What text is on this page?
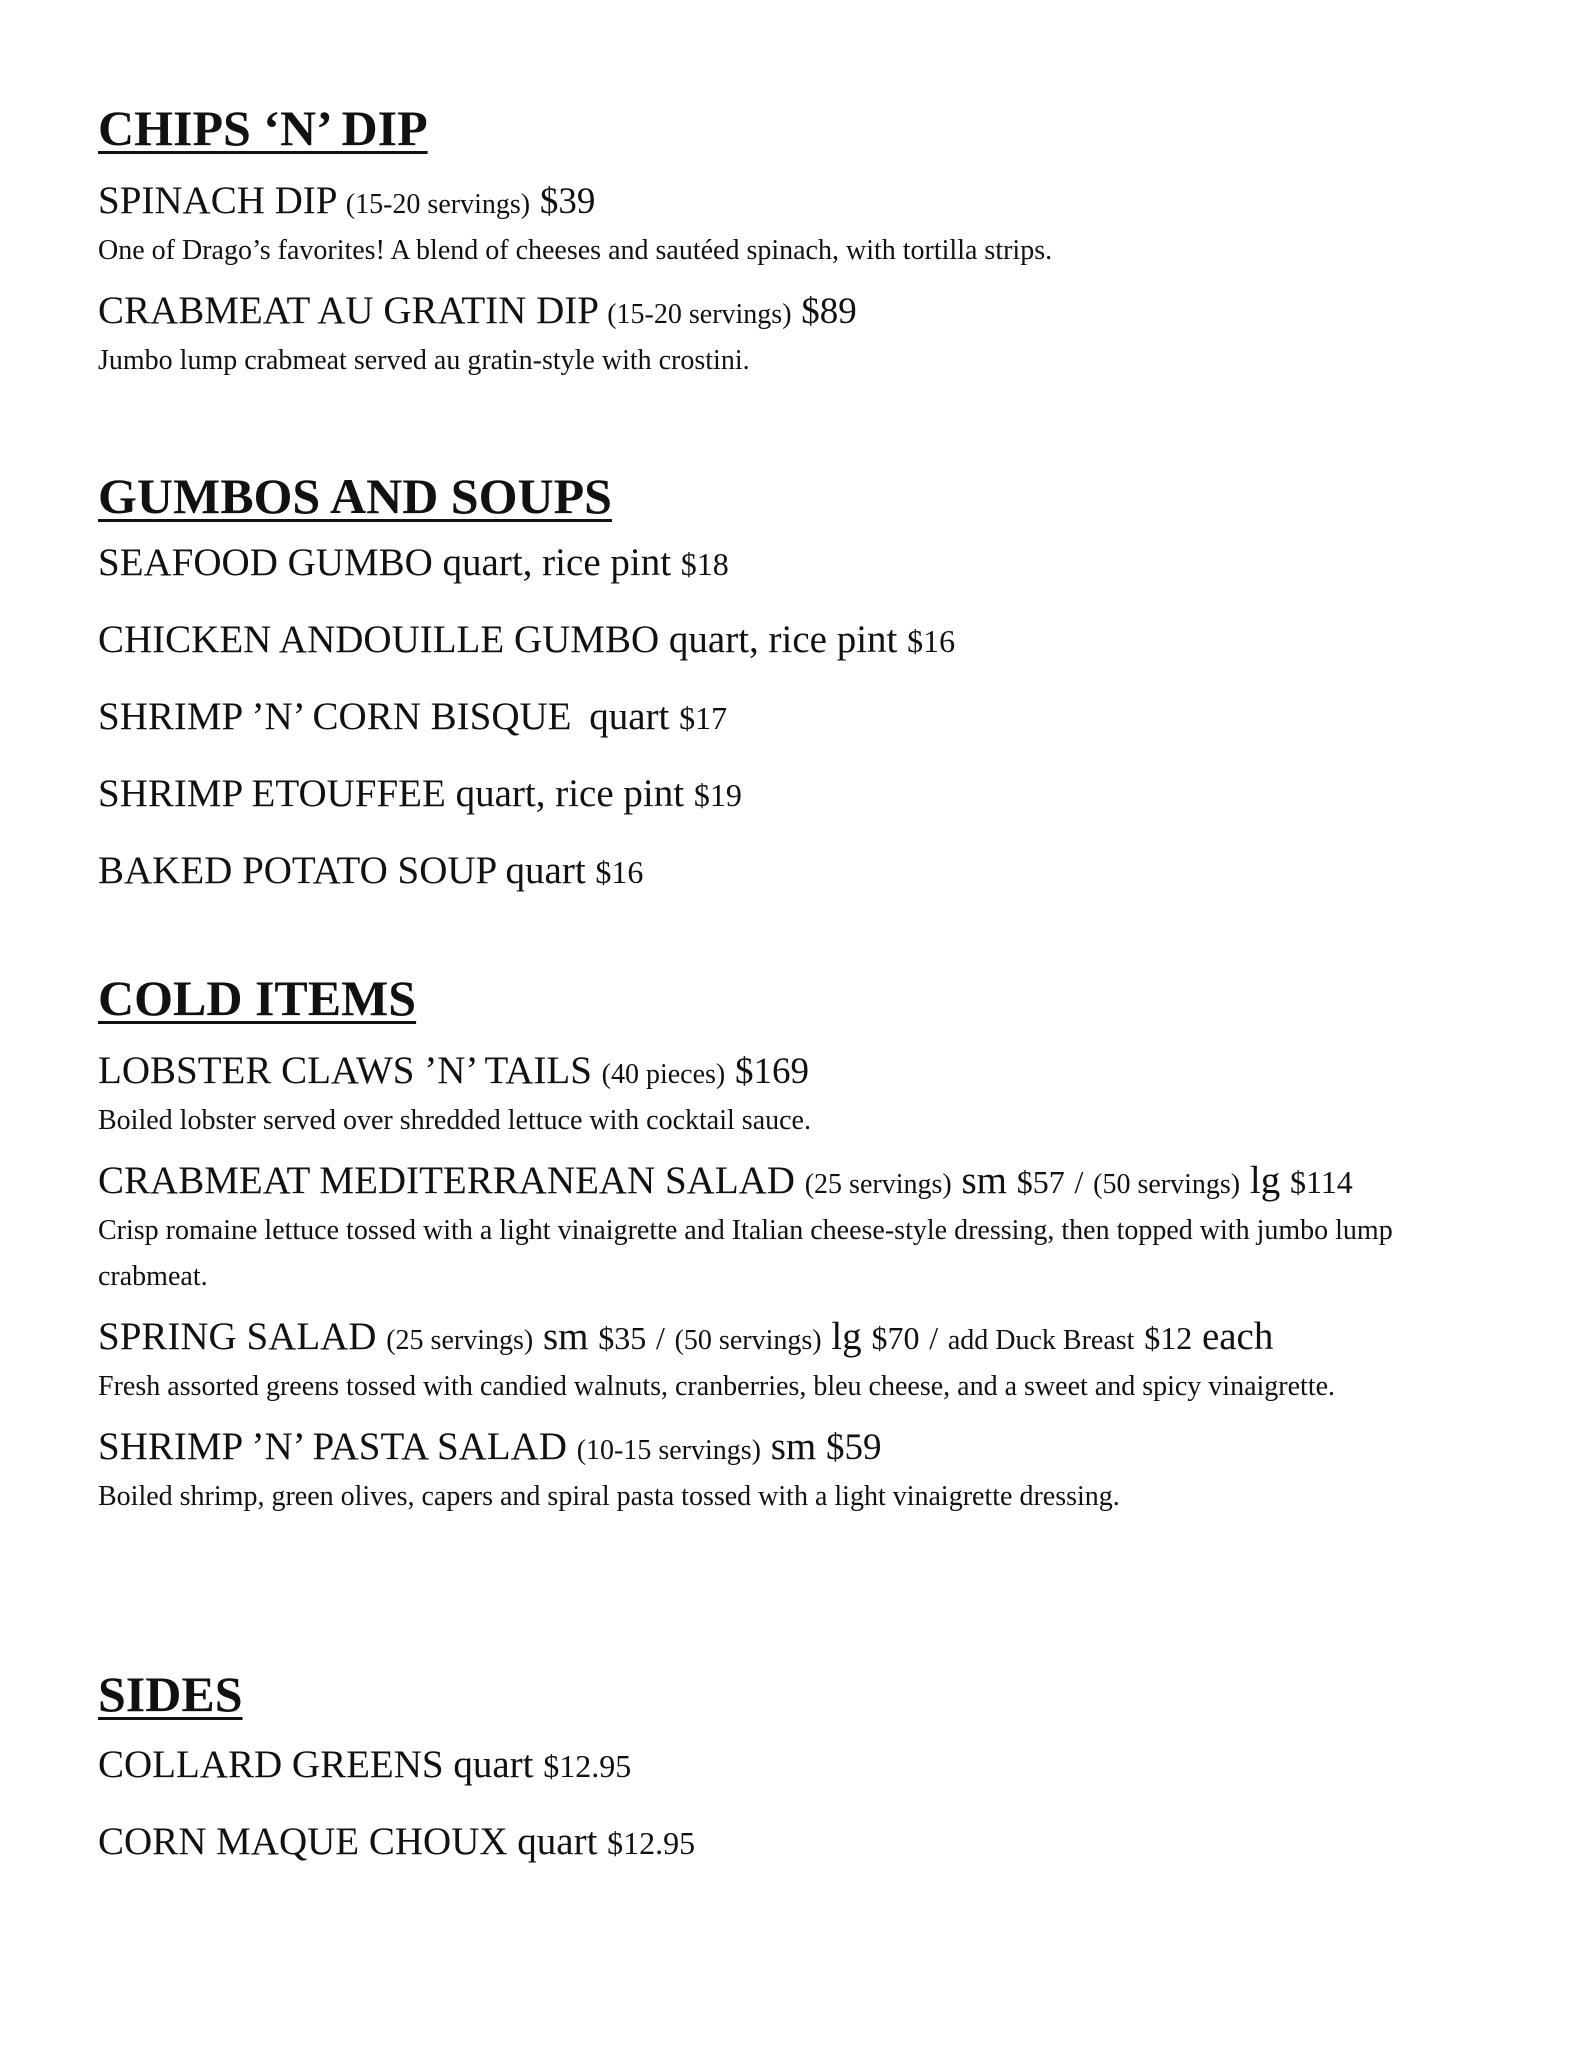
CHIPS ‘N’ DIP
SPINACH DIP (15-20 servings) $39
One of Drago’s favorites! A blend of cheeses and sautéed spinach, with tortilla strips.
CRABMEAT AU GRATIN DIP (15-20 servings) $89
Jumbo lump crabmeat served au gratin-style with crostini.
GUMBOS AND SOUPS
SEAFOOD GUMBO quart, rice pint $18
CHICKEN ANDOUILLE GUMBO quart, rice pint $16
SHRIMP ’N’ CORN BISQUE quart $17
SHRIMP ETOUFFEE quart, rice pint $19
BAKED POTATO SOUP quart $16
COLD ITEMS
LOBSTER CLAWS ’N’ TAILS (40 pieces) $169
Boiled lobster served over shredded lettuce with cocktail sauce.
CRABMEAT MEDITERRANEAN SALAD (25 servings) sm $57 / (50 servings) lg $114
Crisp romaine lettuce tossed with a light vinaigrette and Italian cheese-style dressing, then topped with jumbo lump crabmeat.
SPRING SALAD (25 servings) sm $35 / (50 servings) lg $70 / add Duck Breast $12 each
Fresh assorted greens tossed with candied walnuts, cranberries, bleu cheese, and a sweet and spicy vinaigrette.
SHRIMP ’N’ PASTA SALAD (10-15 servings) sm $59
Boiled shrimp, green olives, capers and spiral pasta tossed with a light vinaigrette dressing.
SIDES
COLLARD GREENS quart $12.95
CORN MAQUE CHOUX quart $12.95
